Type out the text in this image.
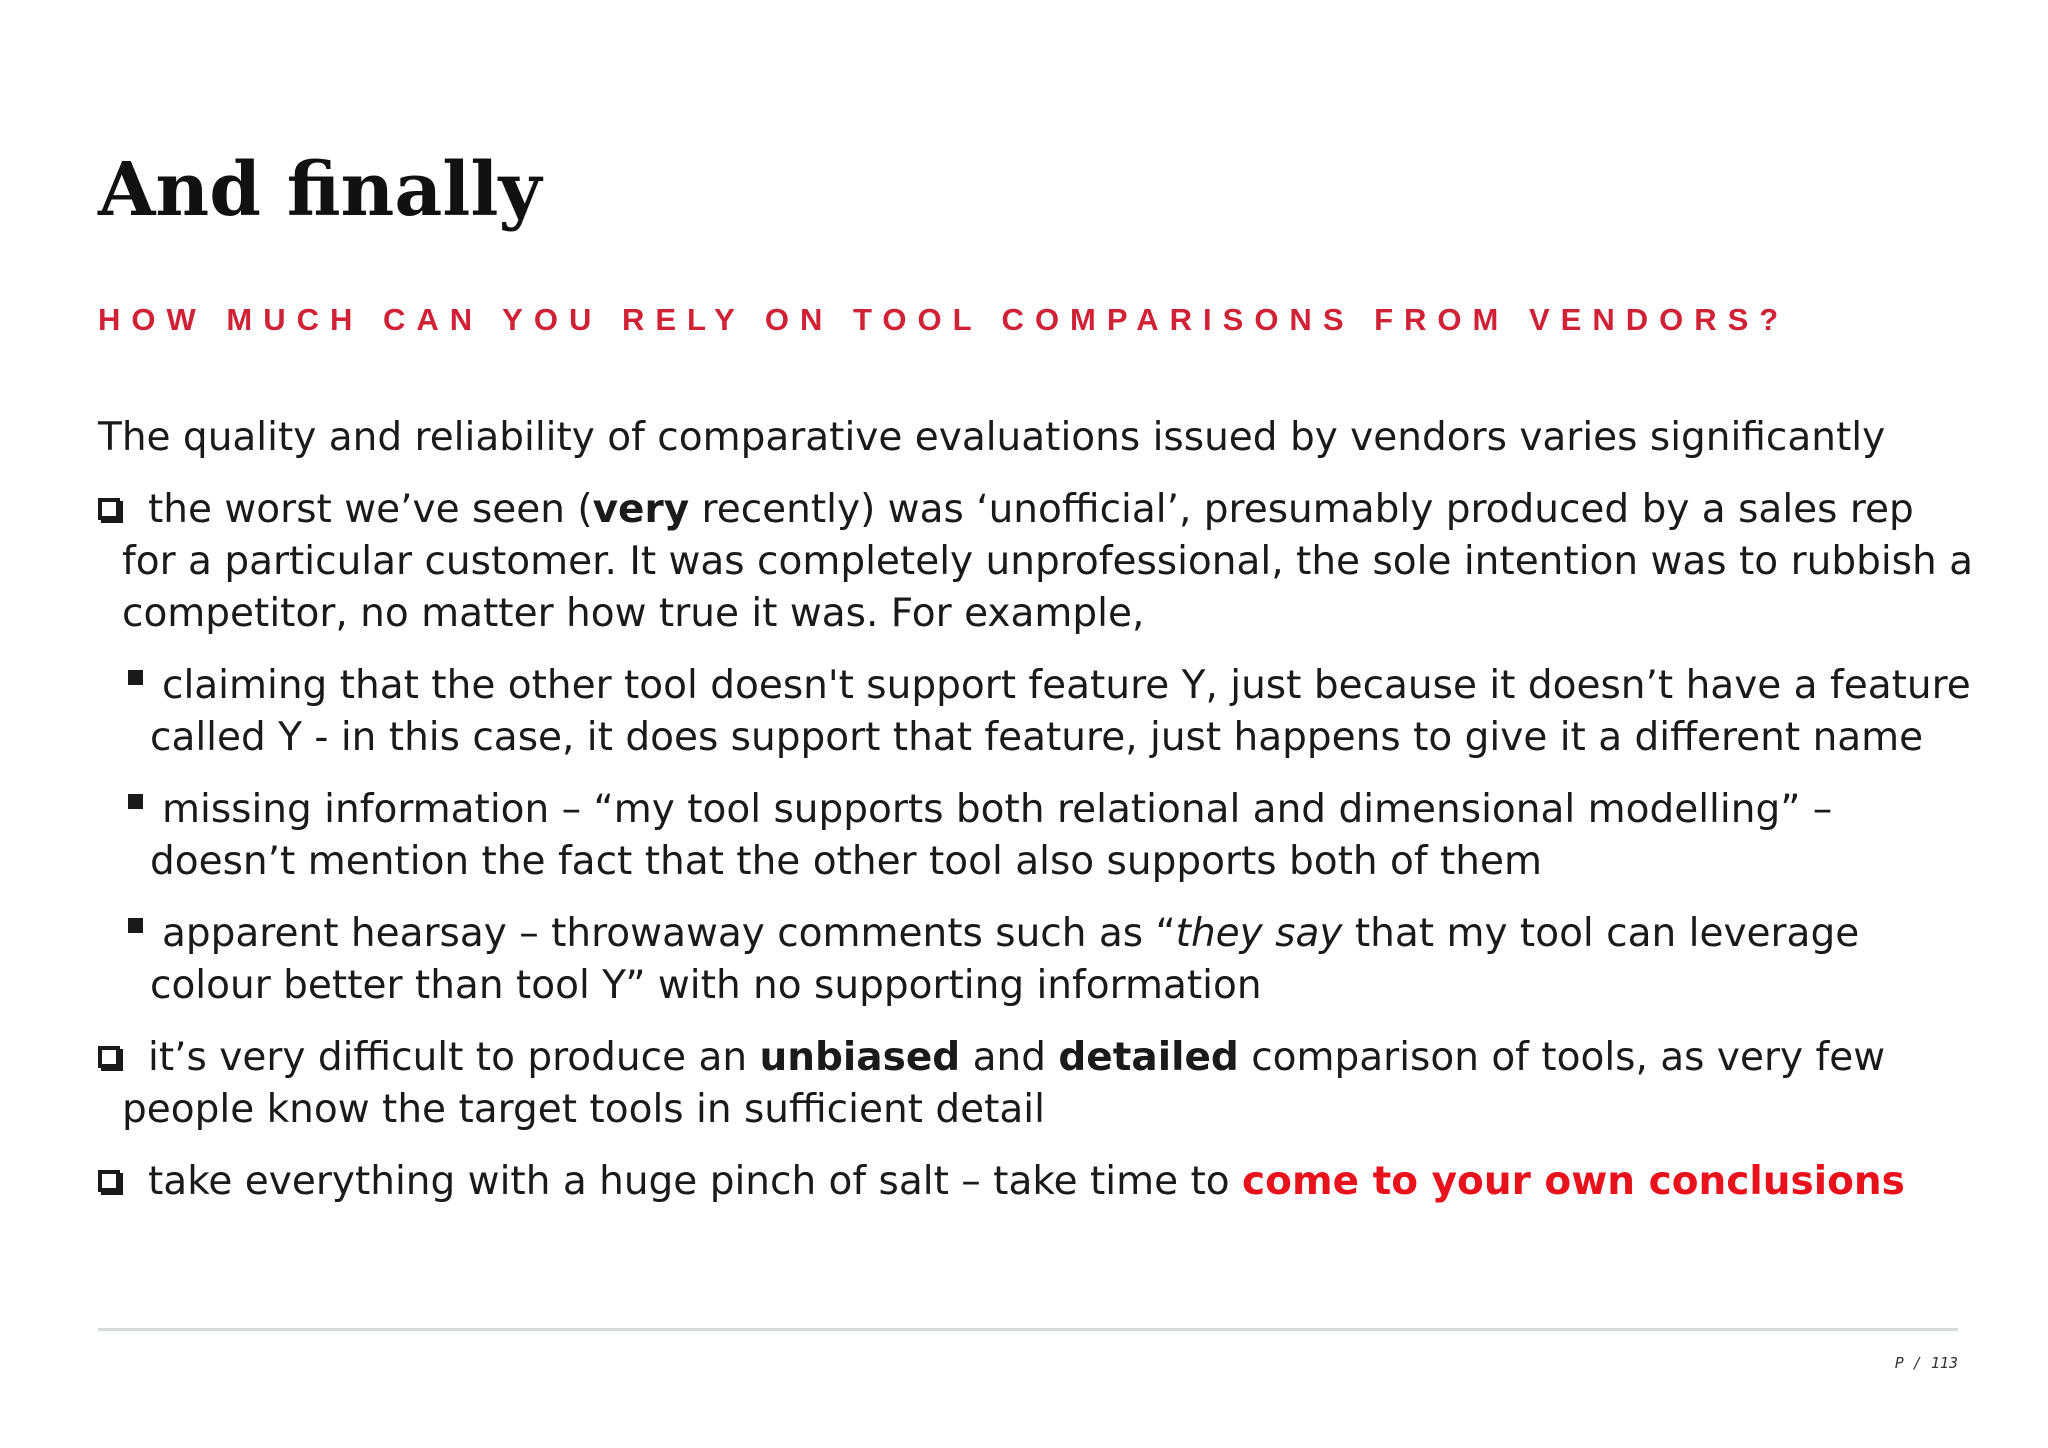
And finally
HOW MUCH CAN YOU RELY ON TOOL COMPARISONS FROM VENDORS?

The quality and reliability of comparative evaluations issued by vendors varies significantly

the worst we’ve seen (very recently) was ‘unofficial’, presumably produced by a sales rep for a particular customer. It was completely unprofessional, the sole intention was to rubbish a competitor, no matter how true it was. For example,
claiming that the other tool doesn't support feature Y, just because it doesn’t have a feature called Y - in this case, it does support that feature, just happens to give it a different name
missing information – “my tool supports both relational and dimensional modelling” – doesn’t mention the fact that the other tool also supports both of them
apparent hearsay – throwaway comments such as “they say that my tool can leverage colour better than tool Y” with no supporting information
it’s very difficult to produce an unbiased and detailed comparison of tools, as very few people know the target tools in sufficient detail
take everything with a huge pinch of salt – take time to come to your own conclusions
P / 113
